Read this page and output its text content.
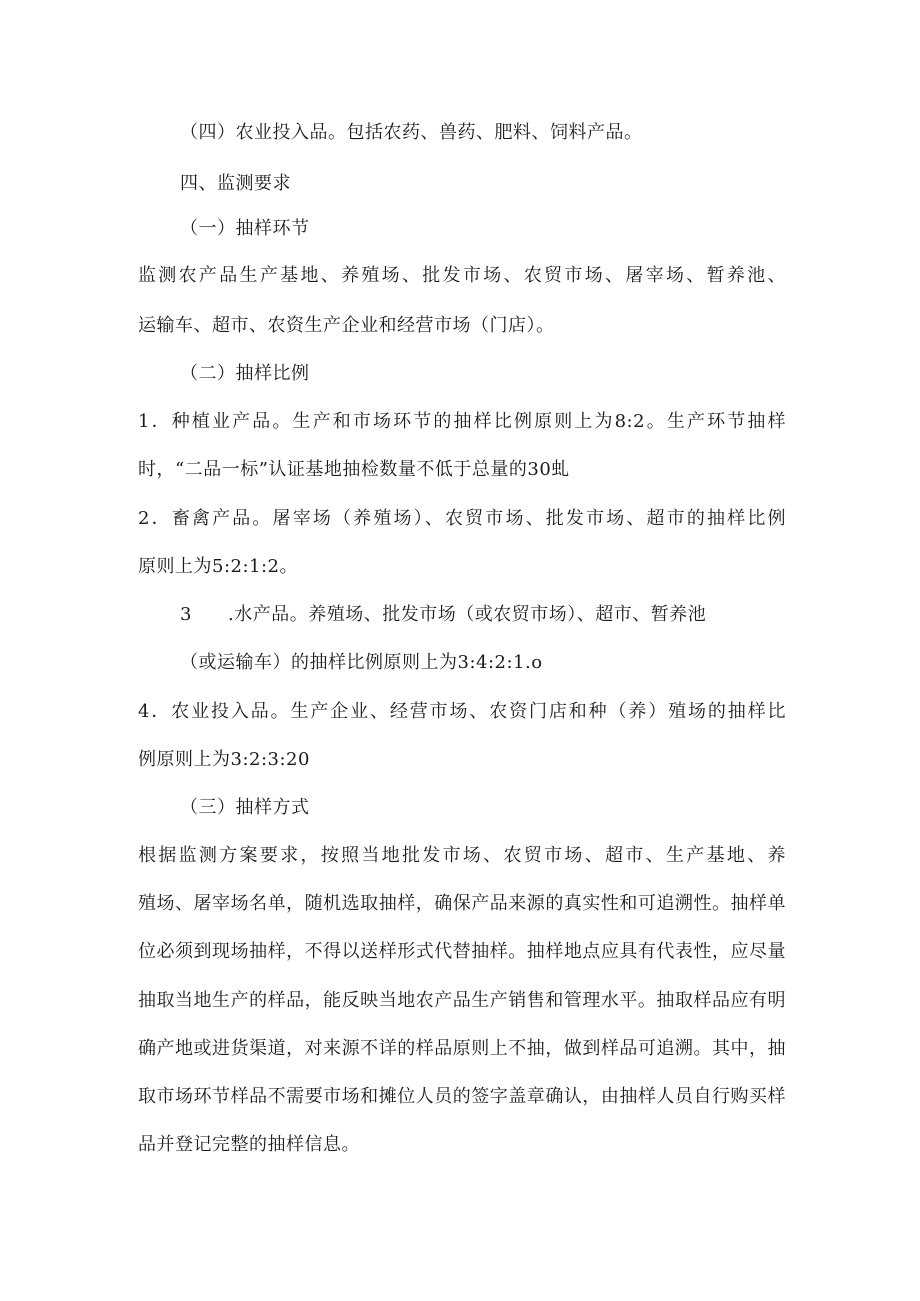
（四）农业投入品。包括农药、兽药、肥料、饲料产品。
四、监测要求
（一）抽样环节
监测农产品生产基地、养殖场、批发市场、农贸市场、屠宰场、暂养池、
运输车、超市、农资生产企业和经营市场（门店）。
（二）抽样比例
1．种植业产品。生产和市场环节的抽样比例原则上为8:2。生产环节抽样
时，“二品一标”认证基地抽检数量不低于总量的30虬
2．畜禽产品。屠宰场（养殖场）、农贸市场、批发市场、超市的抽样比例
原则上为5:2:1:2。
3 .水产品。养殖场、批发市场（或农贸市场）、超市、暂养池
（或运输车）的抽样比例原则上为3:4:2:1.o
4．农业投入品。生产企业、经营市场、农资门店和种（养）殖场的抽样比
例原则上为3:2:3:20
（三）抽样方式
根据监测方案要求，按照当地批发市场、农贸市场、超市、生产基地、养
殖场、屠宰场名单，随机选取抽样，确保产品来源的真实性和可追溯性。抽样单
位必须到现场抽样，不得以送样形式代替抽样。抽样地点应具有代表性，应尽量
抽取当地生产的样品，能反映当地农产品生产销售和管理水平。抽取样品应有明
确产地或进货渠道，对来源不详的样品原则上不抽，做到样品可追溯。其中，抽
取市场环节样品不需要市场和摊位人员的签字盖章确认，由抽样人员自行购买样
品并登记完整的抽样信息。
